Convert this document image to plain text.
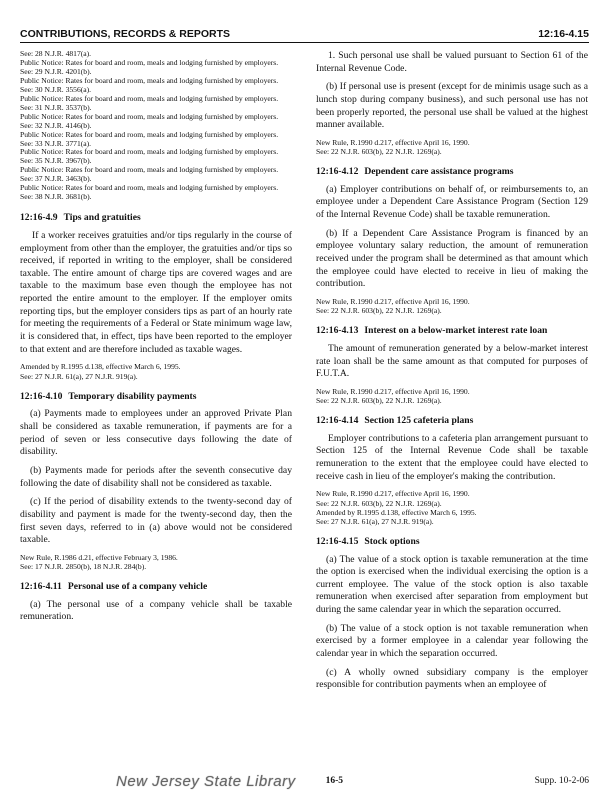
CONTRIBUTIONS, RECORDS & REPORTS	12:16-4.15
See: 28 N.J.R. 4817(a).
Public Notice: Rates for board and room, meals and lodging furnished by employers.
See: 29 N.J.R. 4201(b).
Public Notice: Rates for board and room, meals and lodging furnished by employers.
See: 30 N.J.R. 3556(a).
Public Notice: Rates for board and room, meals and lodging furnished by employers.
See: 31 N.J.R. 3537(b).
Public Notice: Rates for board and room, meals and lodging furnished by employers.
See: 32 N.J.R. 4146(b).
Public Notice: Rates for board and room, meals and lodging furnished by employers.
See: 33 N.J.R. 3771(a).
Public Notice: Rates for board and room, meals and lodging furnished by employers.
See: 35 N.J.R. 3967(b).
Public Notice: Rates for board and room, meals and lodging furnished by employers.
See: 37 N.J.R. 3463(b).
Public Notice: Rates for board and room, meals and lodging furnished by employers.
See: 38 N.J.R. 3681(b).
12:16-4.9 Tips and gratuities

If a worker receives gratuities and/or tips regularly in the course of employment from other than the employer, the gratuities and/or tips so received, if reported in writing to the employer, shall be considered taxable. The entire amount of charge tips are covered wages and are taxable to the maximum base even though the employee has not reported the entire amount to the employer. If the employer omits reporting tips, but the employer considers tips as part of an hourly rate for meeting the requirements of a Federal or State minimum wage law, it is considered that, in effect, tips have been reported to the employer to that extent and are therefore included as taxable wages.

Amended by R.1995 d.138, effective March 6, 1995.
See: 27 N.J.R. 61(a), 27 N.J.R. 919(a).
12:16-4.10 Temporary disability payments

(a) Payments made to employees under an approved Private Plan shall be considered as taxable remuneration, if payments are for a period of seven or less consecutive days following the date of disability.

(b) Payments made for periods after the seventh consecutive day following the date of disability shall not be considered as taxable.

(c) If the period of disability extends to the twenty-second day of disability and payment is made for the twenty-second day, then the first seven days, referred to in (a) above would not be considered taxable.

New Rule, R.1986 d.21, effective February 3, 1986.
See: 17 N.J.R. 2850(b), 18 N.J.R. 284(b).
12:16-4.11 Personal use of a company vehicle

(a) The personal use of a company vehicle shall be taxable remuneration.

1. Such personal use shall be valued pursuant to Section 61 of the Internal Revenue Code.

(b) If personal use is present (except for de minimis usage such as a lunch stop during company business), and such personal use has not been properly reported, the personal use shall be valued at the highest manner available.

New Rule, R.1990 d.217, effective April 16, 1990.
See: 22 N.J.R. 603(b), 22 N.J.R. 1269(a).
12:16-4.12 Dependent care assistance programs

(a) Employer contributions on behalf of, or reimbursements to, an employee under a Dependent Care Assistance Program (Section 129 of the Internal Revenue Code) shall be taxable remuneration.

(b) If a Dependent Care Assistance Program is financed by an employee voluntary salary reduction, the amount of remuneration received under the program shall be determined as that amount which the employee could have elected to receive in lieu of making the contribution.

New Rule, R.1990 d.217, effective April 16, 1990.
See: 22 N.J.R. 603(b), 22 N.J.R. 1269(a).
12:16-4.13 Interest on a below-market interest rate loan

The amount of remuneration generated by a below-market interest rate loan shall be the same amount as that computed for purposes of F.U.T.A.

New Rule, R.1990 d.217, effective April 16, 1990.
See: 22 N.J.R. 603(b), 22 N.J.R. 1269(a).
12:16-4.14 Section 125 cafeteria plans

Employer contributions to a cafeteria plan arrangement pursuant to Section 125 of the Internal Revenue Code shall be taxable remuneration to the extent that the employee could have elected to receive cash in lieu of the employer's making the contribution.

New Rule, R.1990 d.217, effective April 16, 1990.
See: 22 N.J.R. 603(b), 22 N.J.R. 1269(a).
Amended by R.1995 d.138, effective March 6, 1995.
See: 27 N.J.R. 61(a), 27 N.J.R. 919(a).
12:16-4.15 Stock options

(a) The value of a stock option is taxable remuneration at the time the option is exercised when the individual exercising the option is a current employee. The value of the stock option is also taxable remuneration when exercised after separation from employment but during the same calendar year in which the separation occurred.

(b) The value of a stock option is not taxable remuneration when exercised by a former employee in a calendar year following the calendar year in which the separation occurred.

(c) A wholly owned subsidiary company is the employer responsible for contribution payments when an employee of

New Jersey State Library	16-5	Supp. 10-2-06
